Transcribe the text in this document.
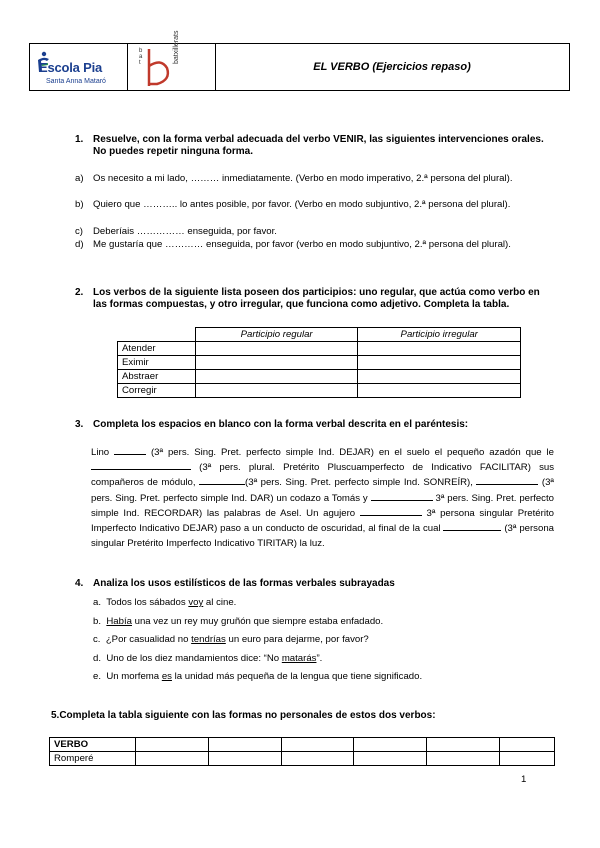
Escola Pia
Santa Anna Mataró
b
a
t	batxillerats
EL VERBO (Ejercicios repaso)
1. Resuelve, con la forma verbal adecuada del verbo VENIR, las siguientes intervenciones orales. No puedes repetir ninguna forma.
a) Os necesito a mi lado, ……… inmediatamente. (Verbo en modo imperativo, 2.ª persona del plural).
b) Quiero que ……….. lo antes posible, por favor. (Verbo en modo subjuntivo, 2.ª persona del plural).
c) Deberíais …………… enseguida, por favor.
d) Me gustaría que ………… enseguida, por favor (verbo en modo subjuntivo, 2.ª persona del plural).
2. Los verbos de la siguiente lista poseen dos participios: uno regular, que actúa como verbo en las formas compuestas, y otro irregular, que funciona como adjetivo. Completa la tabla.
	Participio regular	Participio irregular
Atender		
Eximir		
Abstraer		
Corregir		
3. Completa los espacios en blanco con la forma verbal descrita en el paréntesis:
Lino	(3ª pers. Sing. Pret. perfecto simple Ind. DEJAR) en el suelo el pequeño azadón que le  (3ª pers. plural. Pretérito Pluscuamperfecto de Indicativo FACILITAR) sus compañeros de módulo,	(3ª pers. Sing. Pret. perfecto simple Ind. SONREÍR),	(3ª pers. Sing. Pret. perfecto simple Ind. DAR) un codazo a Tomás y	3ª pers. Sing. Pret. perfecto simple Ind. RECORDAR) las palabras de Asel. Un agujero	3ª persona singular Pretérito Imperfecto Indicativo DEJAR) paso a un conducto de oscuridad, al final de la cual	(3ª persona singular Pretérito Imperfecto Indicativo TIRITAR) la luz.
4. Analiza los usos estilísticos de las formas verbales subrayadas
a. Todos los sábados voy al cine.
b. Había una vez un rey muy gruñón que siempre estaba enfadado.
c. ¿Por casualidad no tendrías un euro para dejarme, por favor?
d. Uno de los diez mandamientos dice: “No matarás”.
e. Un morfema es la unidad más pequeña de la lengua que tiene significado.
5.Completa la tabla siguiente con las formas no personales de estos dos verbos:
VERBO						
Romperé						
1
